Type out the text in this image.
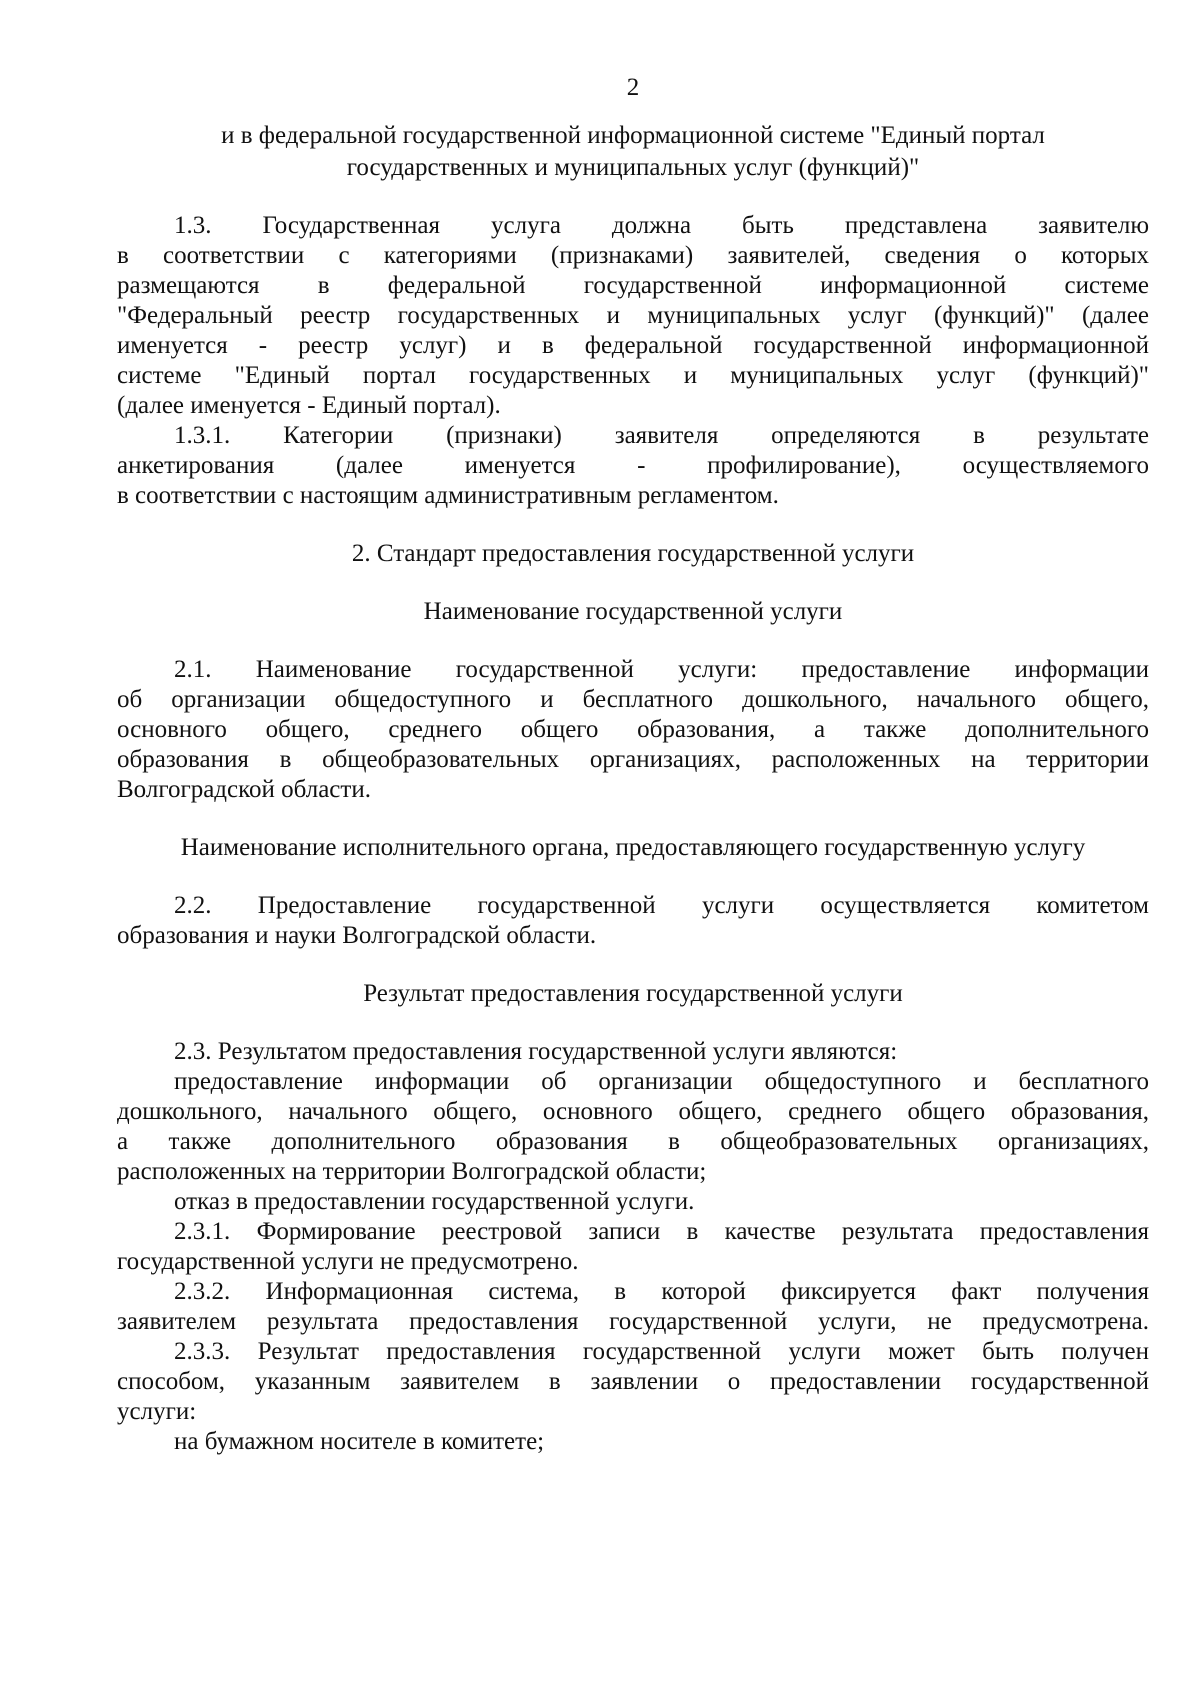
2

и в федеральной государственной информационной системе "Единый портал

государственных и муниципальных услуг (функций)"

1.3. Государственная услуга должна быть представлена заявителю

в соответствии с категориями (признаками) заявителей, сведения о которых

размещаются в федеральной государственной информационной системе

"Федеральный реестр государственных и муниципальных услуг (функций)" (далее

именуется - реестр услуг) и в федеральной государственной информационной

системе "Единый портал государственных и муниципальных услуг (функций)"

(далее именуется - Единый портал).

1.3.1. Категории (признаки) заявителя определяются в результате

анкетирования (далее именуется - профилирование), осуществляемого

в соответствии с настоящим административным регламентом.

2. Стандарт предоставления государственной услуги

Наименование государственной услуги

2.1. Наименование государственной услуги: предоставление информации

об организации общедоступного и бесплатного дошкольного, начального общего,

основного общего, среднего общего образования, а также дополнительного

образования в общеобразовательных организациях, расположенных на территории

Волгоградской области.

Наименование исполнительного органа, предоставляющего государственную услугу

2.2. Предоставление государственной услуги осуществляется комитетом

образования и науки Волгоградской области.

Результат предоставления государственной услуги

2.3. Результатом предоставления государственной услуги являются:

предоставление информации об организации общедоступного и бесплатного

дошкольного, начального общего, основного общего, среднего общего образования,

а также дополнительного образования в общеобразовательных организациях,

расположенных на территории Волгоградской области;

отказ в предоставлении государственной услуги.

2.3.1. Формирование реестровой записи в качестве результата предоставления

государственной услуги не предусмотрено.

2.3.2. Информационная система, в которой фиксируется факт получения

заявителем результата предоставления государственной услуги, не предусмотрена.

2.3.3. Результат предоставления государственной услуги может быть получен

способом, указанным заявителем в заявлении о предоставлении государственной

услуги:

на бумажном носителе в комитете;
